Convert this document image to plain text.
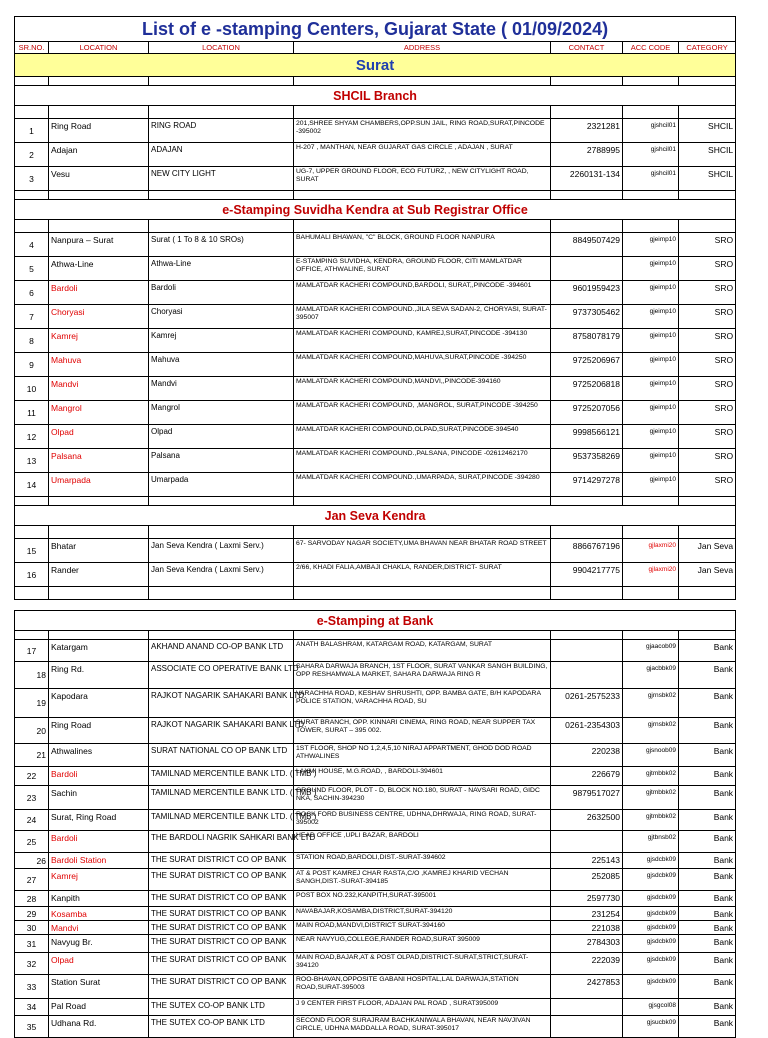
List of e -stamping Centers, Gujarat State ( 01/09/2024)						
SR.NO.	LOCATION	LOCATION	ADDRESS	CONTACT	ACC CODE	CATEGORY
Surat						

SHCIL Branch						

1	Ring Road	RING ROAD	201,SHREE SHYAM CHAMBERS,OPP.SUN JAIL, RING ROAD,SURAT,PINCODE -395002	2321281	gjshcil01	SHCIL
2	Adajan	ADAJAN	H-207 , MANTHAN, NEAR GUJARAT GAS CIRCLE , ADAJAN , SURAT	2788995	gjshcil01	SHCIL
3	Vesu	NEW CITY LIGHT	UG-7, UPPER GROUND FLOOR, ECO FUTURZ, , NEW CITYLIGHT ROAD, SURAT	2260131-134	gjshcil01	SHCIL

e-Stamping Suvidha Kendra at Sub Registrar Office						

4	Nanpura – Surat	Surat ( 1 To 8 & 10 SROs)	BAHUMALI BHAWAN, "C" BLOCK, GROUND FLOOR NANPURA	8849507429	gjeimp10	SRO
5	Athwa-Line	Athwa-Line	E-STAMPING SUVIDHA, KENDRA, GROUND FLOOR, CITI MAMLATDAR OFFICE, ATHWALINE, SURAT		gjeimp10	SRO
6	Bardoli	Bardoli	MAMLATDAR KACHERI COMPOUND,BARDOLI, SURAT,,PINCODE -394601	9601959423	gjeimp10	SRO
7	Choryasi	Choryasi	MAMLATDAR KACHERI COMPOUND.,JILA SEVA SADAN-2, CHORYASI, SURAT-395007	9737305462	gjeimp10	SRO
8	Kamrej	Kamrej	MAMLATDAR KACHERI COMPOUND, KAMREJ,SURAT,PINCODE -394130	8758078179	gjeimp10	SRO
9	Mahuva	Mahuva	MAMLATDAR KACHERI COMPOUND,MAHUVA,SURAT,PINCODE -394250	9725206967	gjeimp10	SRO
10	Mandvi	Mandvi	MAMLATDAR KACHERI COMPOUND,MANDVI,,PINCODE-394160	9725206818	gjeimp10	SRO
11	Mangrol	Mangrol	MAMLATDAR KACHERI COMPOUND, ,MANGROL, SURAT,PINCODE -394250	9725207056	gjeimp10	SRO
12	Olpad	Olpad	MAMLATDAR KACHERI COMPOUND,OLPAD,SURAT,PINCODE-394540	9998566121	gjeimp10	SRO
13	Palsana	Palsana	MAMLATDAR KACHERI COMPOUND.,PALSANA, PINCODE -02612462170	9537358269	gjeimp10	SRO
14	Umarpada	Umarpada	MAMLATDAR KACHERI COMPOUND.,UMARPADA, SURAT,PINCODE -394280	9714297278	gjeimp10	SRO

Jan Seva Kendra						

15	Bhatar	Jan Seva Kendra ( Laxmi Serv.)	67- SARVODAY NAGAR SOCIETY,UMA BHAVAN NEAR BHATAR ROAD STREET	8866767196	gjlaxmi20	Jan Seva
16	Rander	Jan Seva Kendra ( Laxmi Serv.)	2/66, KHADI FALIA,AMBAJI CHAKLA, RANDER,DISTRICT- SURAT	9904217775	gjlaxmi20	Jan Seva

e-Stamping at Bank						

17	Katargam	AKHAND ANAND CO-OP BANK LTD	ANATH BALASHRAM, KATARGAM ROAD, KATARGAM, SURAT		gjaacob09	Bank
18	Ring Rd.	ASSOCIATE CO OPERATIVE BANK LTD	SAHARA DARWAJA BRANCH, 1ST FLOOR, SURAT VANKAR SANGH BUILDING, OPP RESHAMWALA MARKET, SAHARA DARWAJA RING R		gjacbbk09	Bank
19	Kapodara	RAJKOT NAGARIK SAHAKARI BANK LTD.	VARACHHA ROAD, KESHAV SHRUSHTI, OPP. BAMBA GATE, B/H KAPODARA POLICE STATION, VARACHHA ROAD, SU	0261-2575233	gjrnsbk02	Bank
20	Ring Road	RAJKOT NAGARIK SAHAKARI BANK LTD.	SURAT BRANCH, OPP. KINNARI CINEMA, RING ROAD, NEAR SUPPER TAX TOWER, SURAT – 395 002.	0261-2354303	gjrnsbk02	Bank
21	Athwalines	SURAT NATIONAL CO OP BANK LTD	1ST FLOOR, SHOP NO 1,2,4,5,10 NIRAJ APPARTMENT, GHOD DOD ROAD ATHWALINES	220238	gjsnoob09	Bank
22	Bardoli	TAMILNAD MERCENTILE BANK LTD. ( TMB )	LAXMI HOUSE, M.G.ROAD, , BARDOLI-394601	226679	gjtmbbk02	Bank
23	Sachin	TAMILNAD MERCENTILE BANK LTD. ( TMB )	GROUND FLOOR, PLOT - D, BLOCK NO.180, SURAT - NAVSARI ROAD, GIDC NKA, SACHIN-394230	9879517027	gjtmbbk02	Bank
24	Surat, Ring Road	TAMILNAD MERCENTILE BANK LTD. ( TMB )	ROCK FORD BUSINESS CENTRE, UDHNA,DHRWAJA, RING ROAD, SURAT-395002	2632500	gjtmbbk02	Bank
25	Bardoli	THE BARDOLI NAGRIK SAHKARI BANK LTD	HEAD OFFICE ,UPLI BAZAR, BARDOLI		gjtbnsb02	Bank
26	Bardoli Station	THE SURAT DISTRICT CO OP BANK	STATION ROAD,BARDOLI,DIST.-SURAT-394602	225143	gjsdcbk09	Bank
27	Kamrej	THE SURAT DISTRICT CO OP BANK	AT & POST KAMREJ CHAR RASTA,C/O ,KAMREJ KHARID VECHAN SANGH,DIST.-SURAT-394185	252085	gjsdcbk09	Bank
28	Kanpith	THE SURAT DISTRICT CO OP BANK	POST BOX NO.232,KANPITH,SURAT-395001	2597730	gjsdcbk09	Bank
29	Kosamba	THE SURAT DISTRICT CO OP BANK	NAVABAJAR,KOSAMBA,DISTRICT,SURAT-394120	231254	gjsdcbk09	Bank
30	Mandvi	THE SURAT DISTRICT CO OP BANK	MAIN ROAD,MANDVI,DISTRICT SURAT-394160	221038	gjsdcbk09	Bank
31	Navyug Br.	THE SURAT DISTRICT CO OP BANK	NEAR NAVYUG,COLLEGE,RANDER ROAD,SURAT 395009	2784303	gjsdcbk09	Bank
32	Olpad	THE SURAT DISTRICT CO OP BANK	MAIN ROAD,BAJAR,AT & POST OLPAD,DISTRICT-SURAT,STRICT,SURAT-394120	222039	gjsdcbk09	Bank
33	Station Surat	THE SURAT DISTRICT CO OP BANK	ROO-BHAVAN,OPPOSITE GABANI HOSPITAL,LAL DARWAJA,STATION ROAD,SURAT-395003	2427853	gjsdcbk09	Bank
34	Pal Road	THE SUTEX CO-OP BANK LTD	J 9 CENTER FIRST FLOOR, ADAJAN PAL ROAD , SURAT395009		gjsgcol08	Bank
35	Udhana Rd.	THE SUTEX CO-OP BANK LTD	SECOND FLOOR SURAJRAM BACHKANIWALA BHAVAN, NEAR NAVJIVAN CIRCLE, UDHNA MADDALLA ROAD, SURAT-395017		gjsucbk09	Bank
